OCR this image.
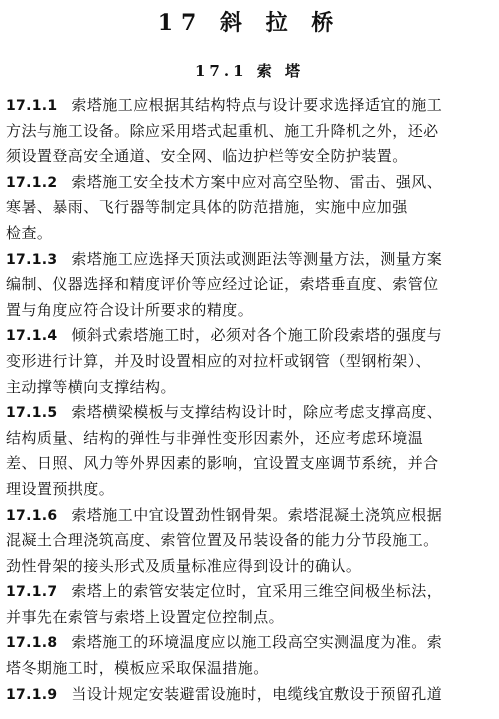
17 斜 拉 桥
17.1 索 塔
17.1.1 索塔施工应根据其结构特点与设计要求选择适宜的施工
方法与施工设备。除应采用塔式起重机、施工升降机之外，还必
须设置登高安全通道、安全网、临边护栏等安全防护装置。
17.1.2 索塔施工安全技术方案中应对高空坠物、雷击、强风、
寒暑、暴雨、飞行器等制定具体的防范措施，实施中应加强
检查。
17.1.3 索塔施工应选择天顶法或测距法等测量方法，测量方案
编制、仪器选择和精度评价等应经过论证，索塔垂直度、索管位
置与角度应符合设计所要求的精度。
17.1.4 倾斜式索塔施工时，必须对各个施工阶段索塔的强度与
变形进行计算，并及时设置相应的对拉杆或钢管（型钢桁架）、
主动撑等横向支撑结构。
17.1.5 索塔横梁模板与支撑结构设计时，除应考虑支撑高度、
结构质量、结构的弹性与非弹性变形因素外，还应考虑环境温
差、日照、风力等外界因素的影响，宜设置支座调节系统，并合
理设置预拱度。
17.1.6 索塔施工中宜设置劲性钢骨架。索塔混凝土浇筑应根据
混凝土合理浇筑高度、索管位置及吊装设备的能力分节段施工。
劲性骨架的接头形式及质量标准应得到设计的确认。
17.1.7 索塔上的索管安装定位时，宜采用三维空间极坐标法，
并事先在索管与索塔上设置定位控制点。
17.1.8 索塔施工的环境温度应以施工段高空实测温度为准。索
塔冬期施工时，模板应采取保温措施。
17.1.9 当设计规定安装避雷设施时，电缆线宜敷设于预留孔道
